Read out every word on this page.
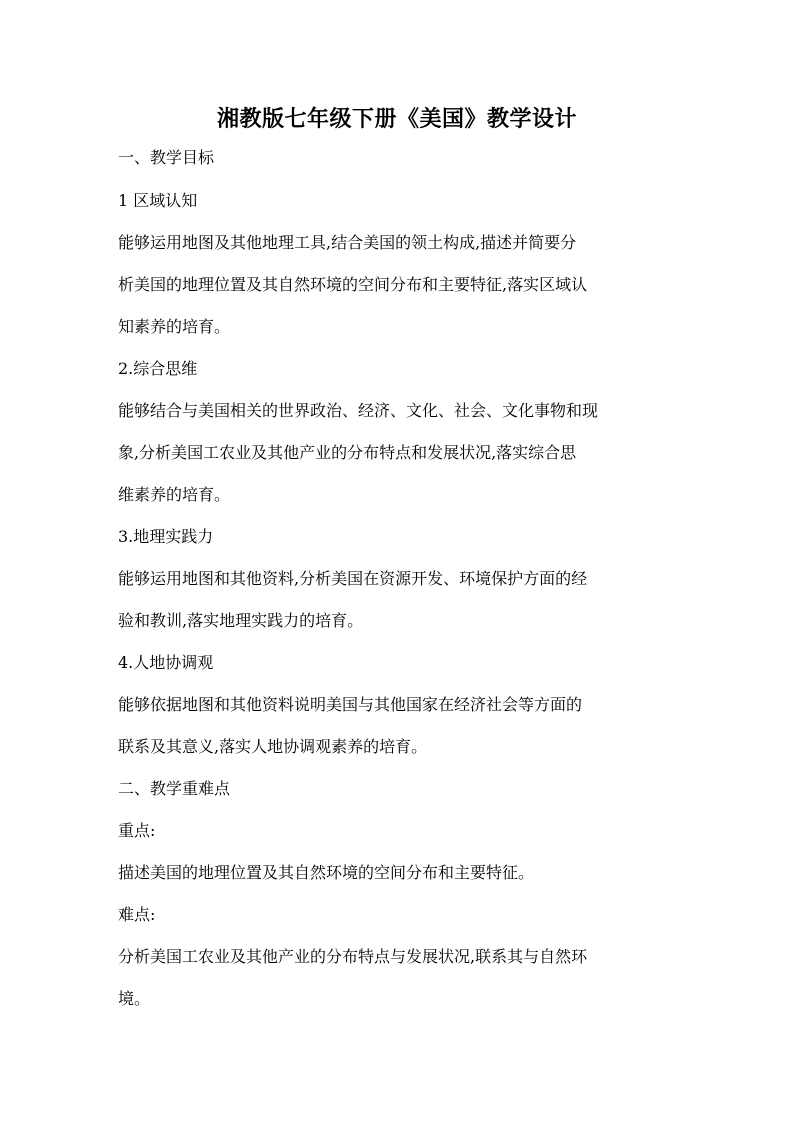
湘教版七年级下册《美国》教学设计
一、教学目标
1 区域认知
能够运用地图及其他地理工具,结合美国的领土构成,描述并简要分
析美国的地理位置及其自然环境的空间分布和主要特征,落实区域认
知素养的培育。
2.综合思维
能够结合与美国相关的世界政治、经济、文化、社会、文化事物和现
象,分析美国工农业及其他产业的分布特点和发展状况,落实综合思
维素养的培育。
3.地理实践力
能够运用地图和其他资料,分析美国在资源开发、环境保护方面的经
验和教训,落实地理实践力的培育。
4.人地协调观
能够依据地图和其他资料说明美国与其他国家在经济社会等方面的
联系及其意义,落实人地协调观素养的培育。
二、教学重难点
重点:
描述美国的地理位置及其自然环境的空间分布和主要特征。
难点:
分析美国工农业及其他产业的分布特点与发展状况,联系其与自然环
境。
